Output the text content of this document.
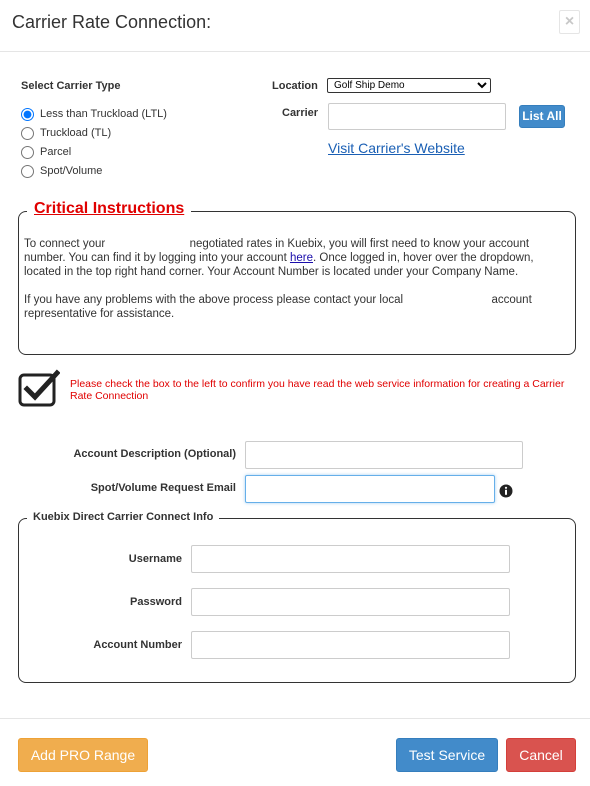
Carrier Rate Connection:	×
Select Carrier Type
Less than Truckload (LTL)
Truckload (TL)
Parcel
Spot/Volume
Location
Golf Ship Demo
Carrier	List All
Visit Carrier's Website
Critical Instructions

To connect your	negotiated rates in Kuebix, you will first need to know your account number. You can find it by logging into your account here. Once logged in, hover over the dropdown, located in the top right hand corner. Your Account Number is located under your Company Name.

If you have any problems with the above process please contact your local	account representative for assistance.

Please check the box to the left to confirm you have read the web service information for creating a Carrier Rate Connection
Account Description (Optional)
Spot/Volume Request Email
Kuebix Direct Carrier Connect Info
Username
Password
Account Number
Add PRO Range	Test Service	Cancel
